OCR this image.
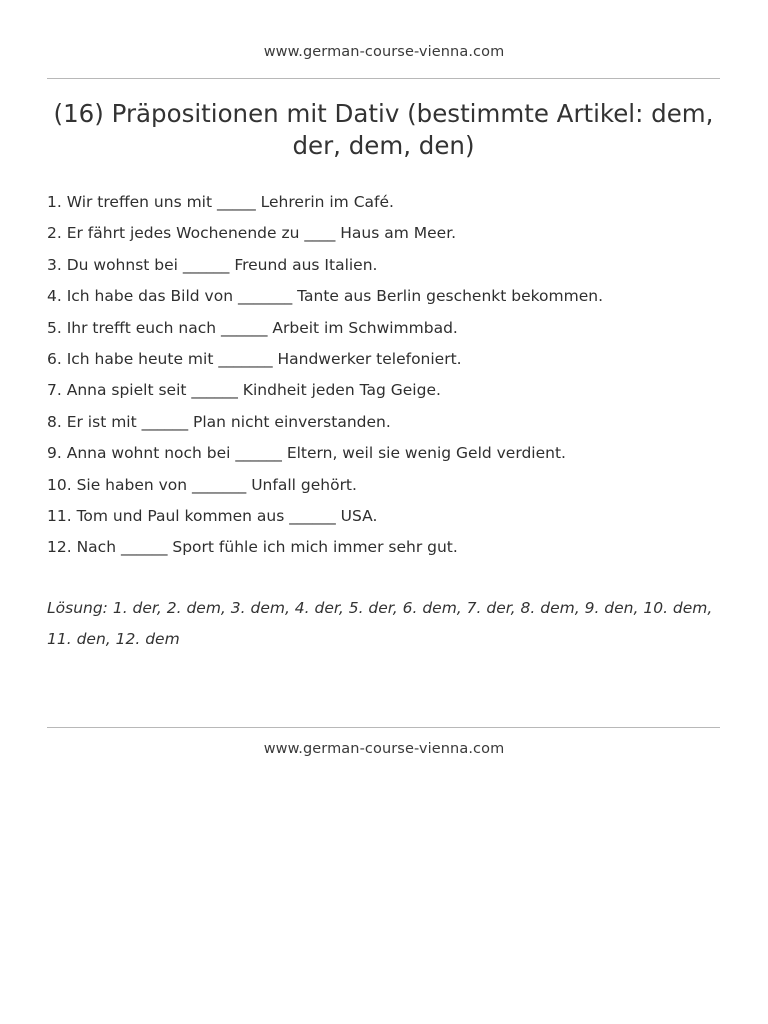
www.german-course-vienna.com
(16) Präpositionen mit Dativ (bestimmte Artikel: dem, der, dem, den)
1. Wir treffen uns mit _____ Lehrerin im Café.
2. Er fährt jedes Wochenende zu ____ Haus am Meer.
3. Du wohnst bei ______ Freund aus Italien.
4. Ich habe das Bild von _______ Tante aus Berlin geschenkt bekommen.
5. Ihr trefft euch nach ______ Arbeit im Schwimmbad.
6. Ich habe heute mit _______ Handwerker telefoniert.
7. Anna spielt seit ______ Kindheit jeden Tag Geige.
8. Er ist mit ______ Plan nicht einverstanden.
9. Anna wohnt noch bei ______ Eltern, weil sie wenig Geld verdient.
10. Sie haben von _______ Unfall gehört.
11. Tom und Paul kommen aus ______ USA.
12. Nach ______ Sport fühle ich mich immer sehr gut.

Lösung: 1. der, 2. dem, 3. dem, 4. der, 5. der, 6. dem, 7. der, 8. dem, 9. den, 10. dem, 11. den, 12. dem

www.german-course-vienna.com
